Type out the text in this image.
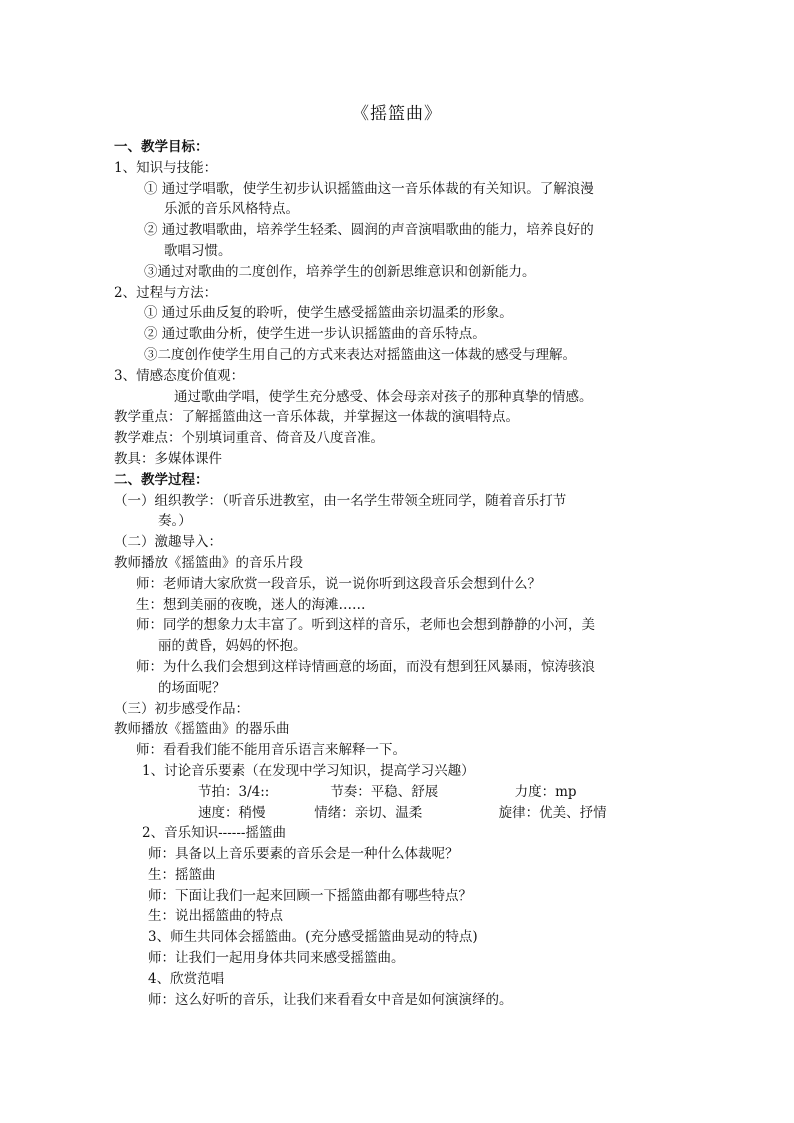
《摇篮曲》
一、教学目标：
1、知识与技能：
① 通过学唱歌，使学生初步认识摇篮曲这一音乐体裁的有关知识。了解浪漫
乐派的音乐风格特点。
② 通过教唱歌曲，培养学生轻柔、圆润的声音演唱歌曲的能力，培养良好的
歌唱习惯。
③通过对歌曲的二度创作，培养学生的创新思维意识和创新能力。
2、过程与方法：
① 通过乐曲反复的聆听，使学生感受摇篮曲亲切温柔的形象。
② 通过歌曲分析，使学生进一步认识摇篮曲的音乐特点。
③二度创作使学生用自己的方式来表达对摇篮曲这一体裁的感受与理解。
3、情感态度价值观：
通过歌曲学唱，使学生充分感受、体会母亲对孩子的那种真挚的情感。
教学重点：了解摇篮曲这一音乐体裁，并掌握这一体裁的演唱特点。
教学难点：个别填词重音、倚音及八度音准。
教具：多媒体课件
二、教学过程：
（一）组织教学：（听音乐进教室，由一名学生带领全班同学，随着音乐打节
奏。）
（二）激趣导入：
教师播放《摇篮曲》的音乐片段
师：老师请大家欣赏一段音乐，说一说你听到这段音乐会想到什么？
生：想到美丽的夜晚，迷人的海滩……
师：同学的想象力太丰富了。听到这样的音乐，老师也会想到静静的小河，美
丽的黄昏，妈妈的怀抱。
师：为什么我们会想到这样诗情画意的场面，而没有想到狂风暴雨，惊涛骇浪
的场面呢？
（三）初步感受作品：
教师播放《摇篮曲》的器乐曲
师：看看我们能不能用音乐语言来解释一下。
1、讨论音乐要素（在发现中学习知识，提高学习兴趣）
节拍：3/4::	节奏：平稳、舒展	力度：mp
速度：稍慢	情绪：亲切、温柔	旋律：优美、抒情
2、音乐知识------摇篮曲
师：具备以上音乐要素的音乐会是一种什么体裁呢？
生：摇篮曲
师：下面让我们一起来回顾一下摇篮曲都有哪些特点？
生：说出摇篮曲的特点
3、师生共同体会摇篮曲。(充分感受摇篮曲晃动的特点)
师：让我们一起用身体共同来感受摇篮曲。
4、欣赏范唱
师：这么好听的音乐，让我们来看看女中音是如何演演绎的。
